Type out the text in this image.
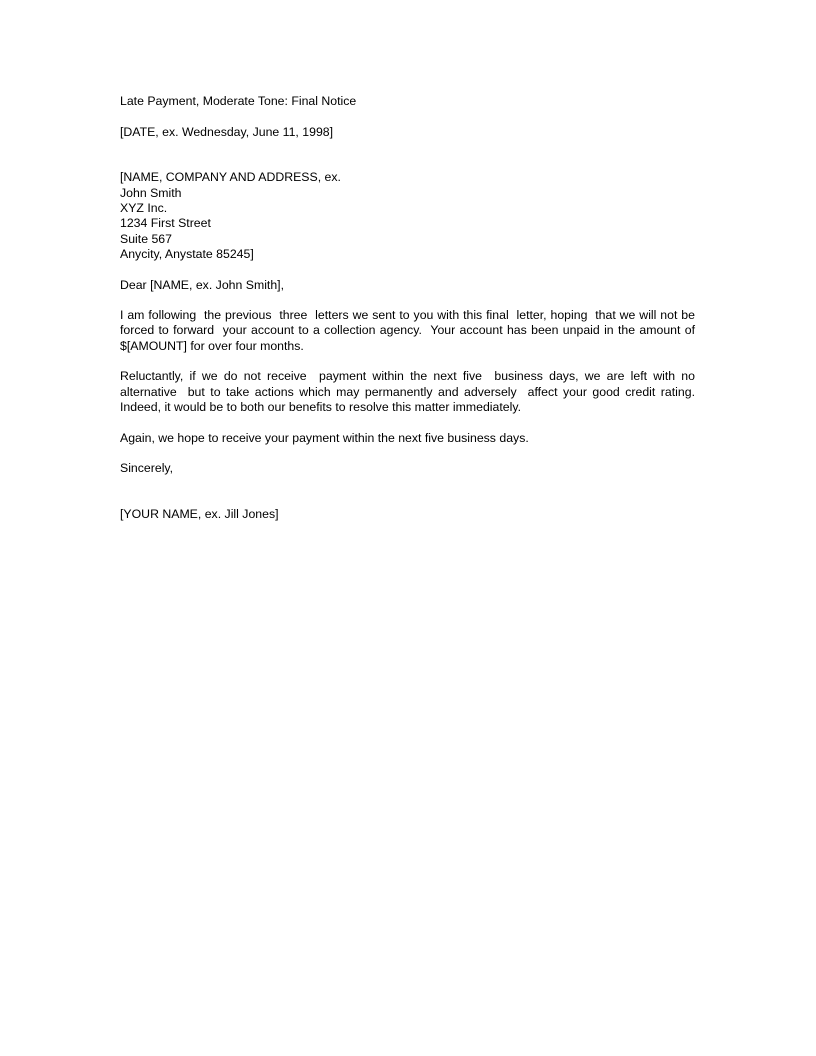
Late Payment, Moderate Tone: Final Notice

[DATE, ex. Wednesday, June 11, 1998]

[NAME, COMPANY AND ADDRESS, ex.

John Smith

XYZ Inc.

1234 First Street

Suite 567

Anycity, Anystate 85245]

Dear [NAME, ex. John Smith],

I am following  the previous  three  letters we sent to you with this final  letter, hoping  that we will not be forced to forward  your account to a collection agency.  Your account has been unpaid in the amount of $[AMOUNT] for over four months.

Reluctantly, if we do not receive  payment within the next five  business days, we are left with no alternative  but to take actions which may permanently and adversely  affect your good credit rating.  Indeed, it would be to both our benefits to resolve this matter immediately.

Again, we hope to receive your payment within the next five business days.

Sincerely,

[YOUR NAME, ex. Jill Jones]
